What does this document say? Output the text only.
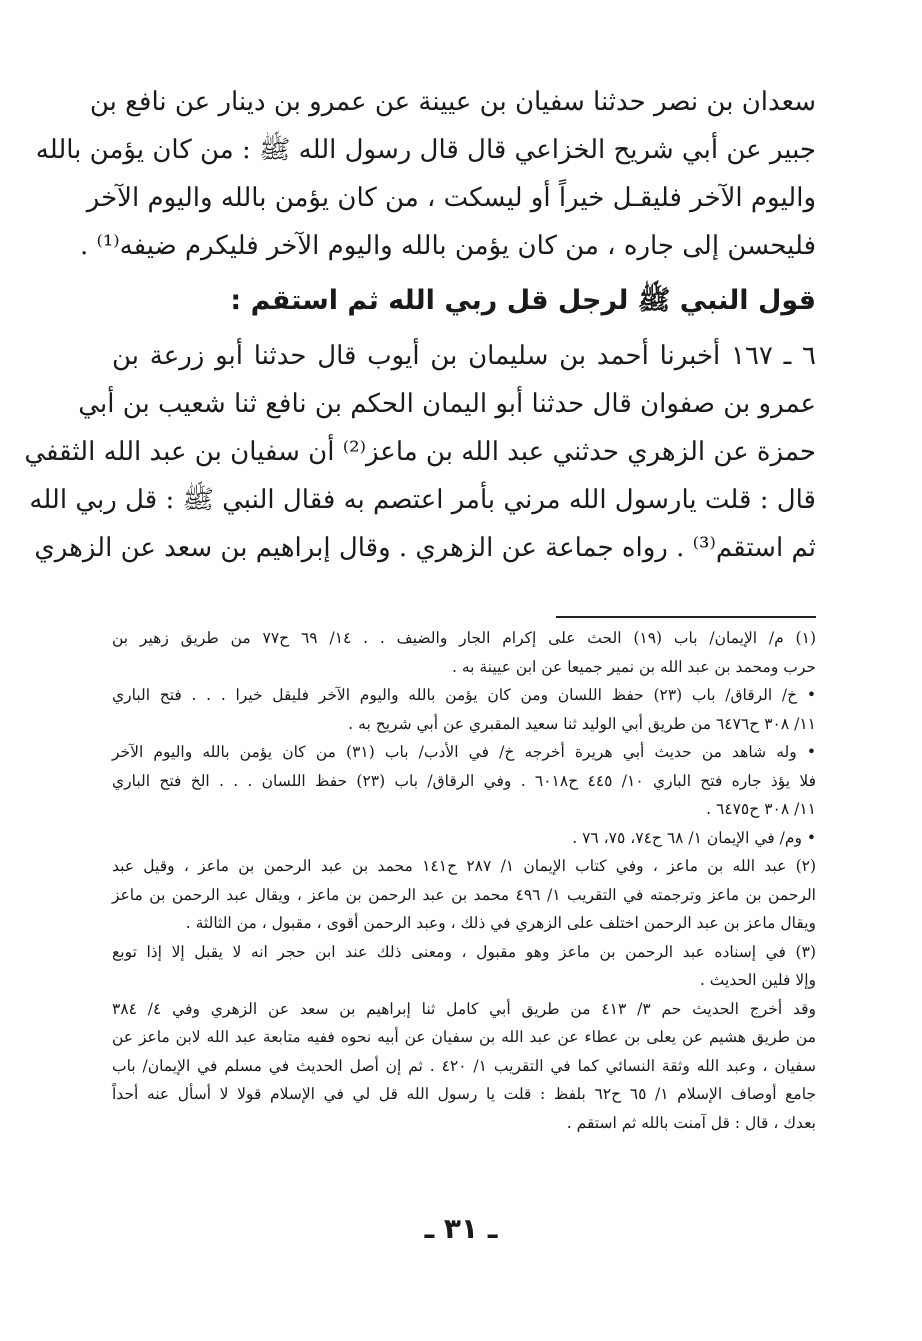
سعدان بن نصر حدثنا سفيان بن عيينة عن عمرو بن دينار عن نافع بن
جبير عن أبي شريح الخزاعي قال قال رسول الله ﷺ : من كان يؤمن بالله
واليوم الآخر فليقـل خيراً أو ليسكت ، من كان يؤمن بالله واليوم الآخر
فليحسن إلى جاره ، من كان يؤمن بالله واليوم الآخر فليكرم ضيفه⁽¹⁾ .
قول النبي ﷺ لرجل قل ربي الله ثم استقم :
٦ ـ ١٦٧ أخبرنا أحمد بن سليمان بن أيوب قال حدثنا أبو زرعة بن
عمرو بن صفوان قال حدثنا أبو اليمان الحكم بن نافع ثنا شعيب بن أبي
حمزة عن الزهري حدثني عبد الله بن ماعز⁽²⁾ أن سفيان بن عبد الله الثقفي
قال : قلت يارسول الله مرني بأمر اعتصم به فقال النبي ﷺ : قل ربي الله
ثم استقم⁽³⁾ . رواه جماعة عن الزهري . وقال إبراهيم بن سعد عن الزهري
(١) م/ الإيمان/ باب (١٩) الحث على إكرام الجار والضيف . . ١٤/ ٦٩ ح٧٧ من طريق زهير بن
حرب ومحمد بن عبد الله بن نمير جميعا عن ابن عيينة به .
• خ/ الرقاق/ باب (٢٣) حفظ اللسان ومن كان يؤمن بالله واليوم الآخر فليقل خيرا . . . فتح الباري
١١/ ٣٠٨ ح٦٤٧٦ من طريق أبي الوليد ثنا سعيد المقبري عن أبي شريح به .
• وله شاهد من حديث أبي هريرة أخرجه خ/ في الأدب/ باب (٣١) من كان يؤمن بالله واليوم الآخر
فلا يؤذ جاره فتح الباري ١٠/ ٤٤٥ ح٦٠١٨ . وفي الرقاق/ باب (٢٣) حفظ اللسان . . . الخ فتح الباري
١١/ ٣٠٨ ح٦٤٧٥ .
• وم/ في الإيمان ١/ ٦٨ ح٧٤، ٧٥، ٧٦ .
(٢) عبد الله بن ماعز ، وفي كتاب الإيمان ١/ ٢٨٧ ح١٤١ محمد بن عبد الرحمن بن ماعز ، وقيل عبد
الرحمن بن ماعز وترجمته في التقريب ١/ ٤٩٦ محمد بن عبد الرحمن بن ماعز ، ويقال عبد الرحمن بن ماعز
ويقال ماعز بن عبد الرحمن اختلف على الزهري في ذلك ، وعبد الرحمن أقوى ، مقبول ، من الثالثة .
(٣) في إسناده عبد الرحمن بن ماعز وهو مقبول ، ومعنى ذلك عند ابن حجر انه لا يقبل إلا إذا توبع
وإلا فلين الحديث .
وقد أخرج الحديث حم ٣/ ٤١٣ من طريق أبي كامل ثنا إبراهيم بن سعد عن الزهري وفي ٤/ ٣٨٤
من طريق هشيم عن يعلى بن عطاء عن عبد الله بن سفيان عن أبيه نحوه ففيه متابعة عبد الله لابن ماعز عن
سفيان ، وعبد الله وثقة النسائي كما في التقريب ١/ ٤٢٠ . ثم إن أصل الحديث في مسلم في الإيمان/ باب
جامع أوصاف الإسلام ١/ ٦٥ ح٦٢ بلفظ : قلت يا رسول الله قل لي في الإسلام قولا لا أسأل عنه أحداً
بعدك ، قال : قل آمنت بالله ثم استقم .
ـ ٣١ ـ
